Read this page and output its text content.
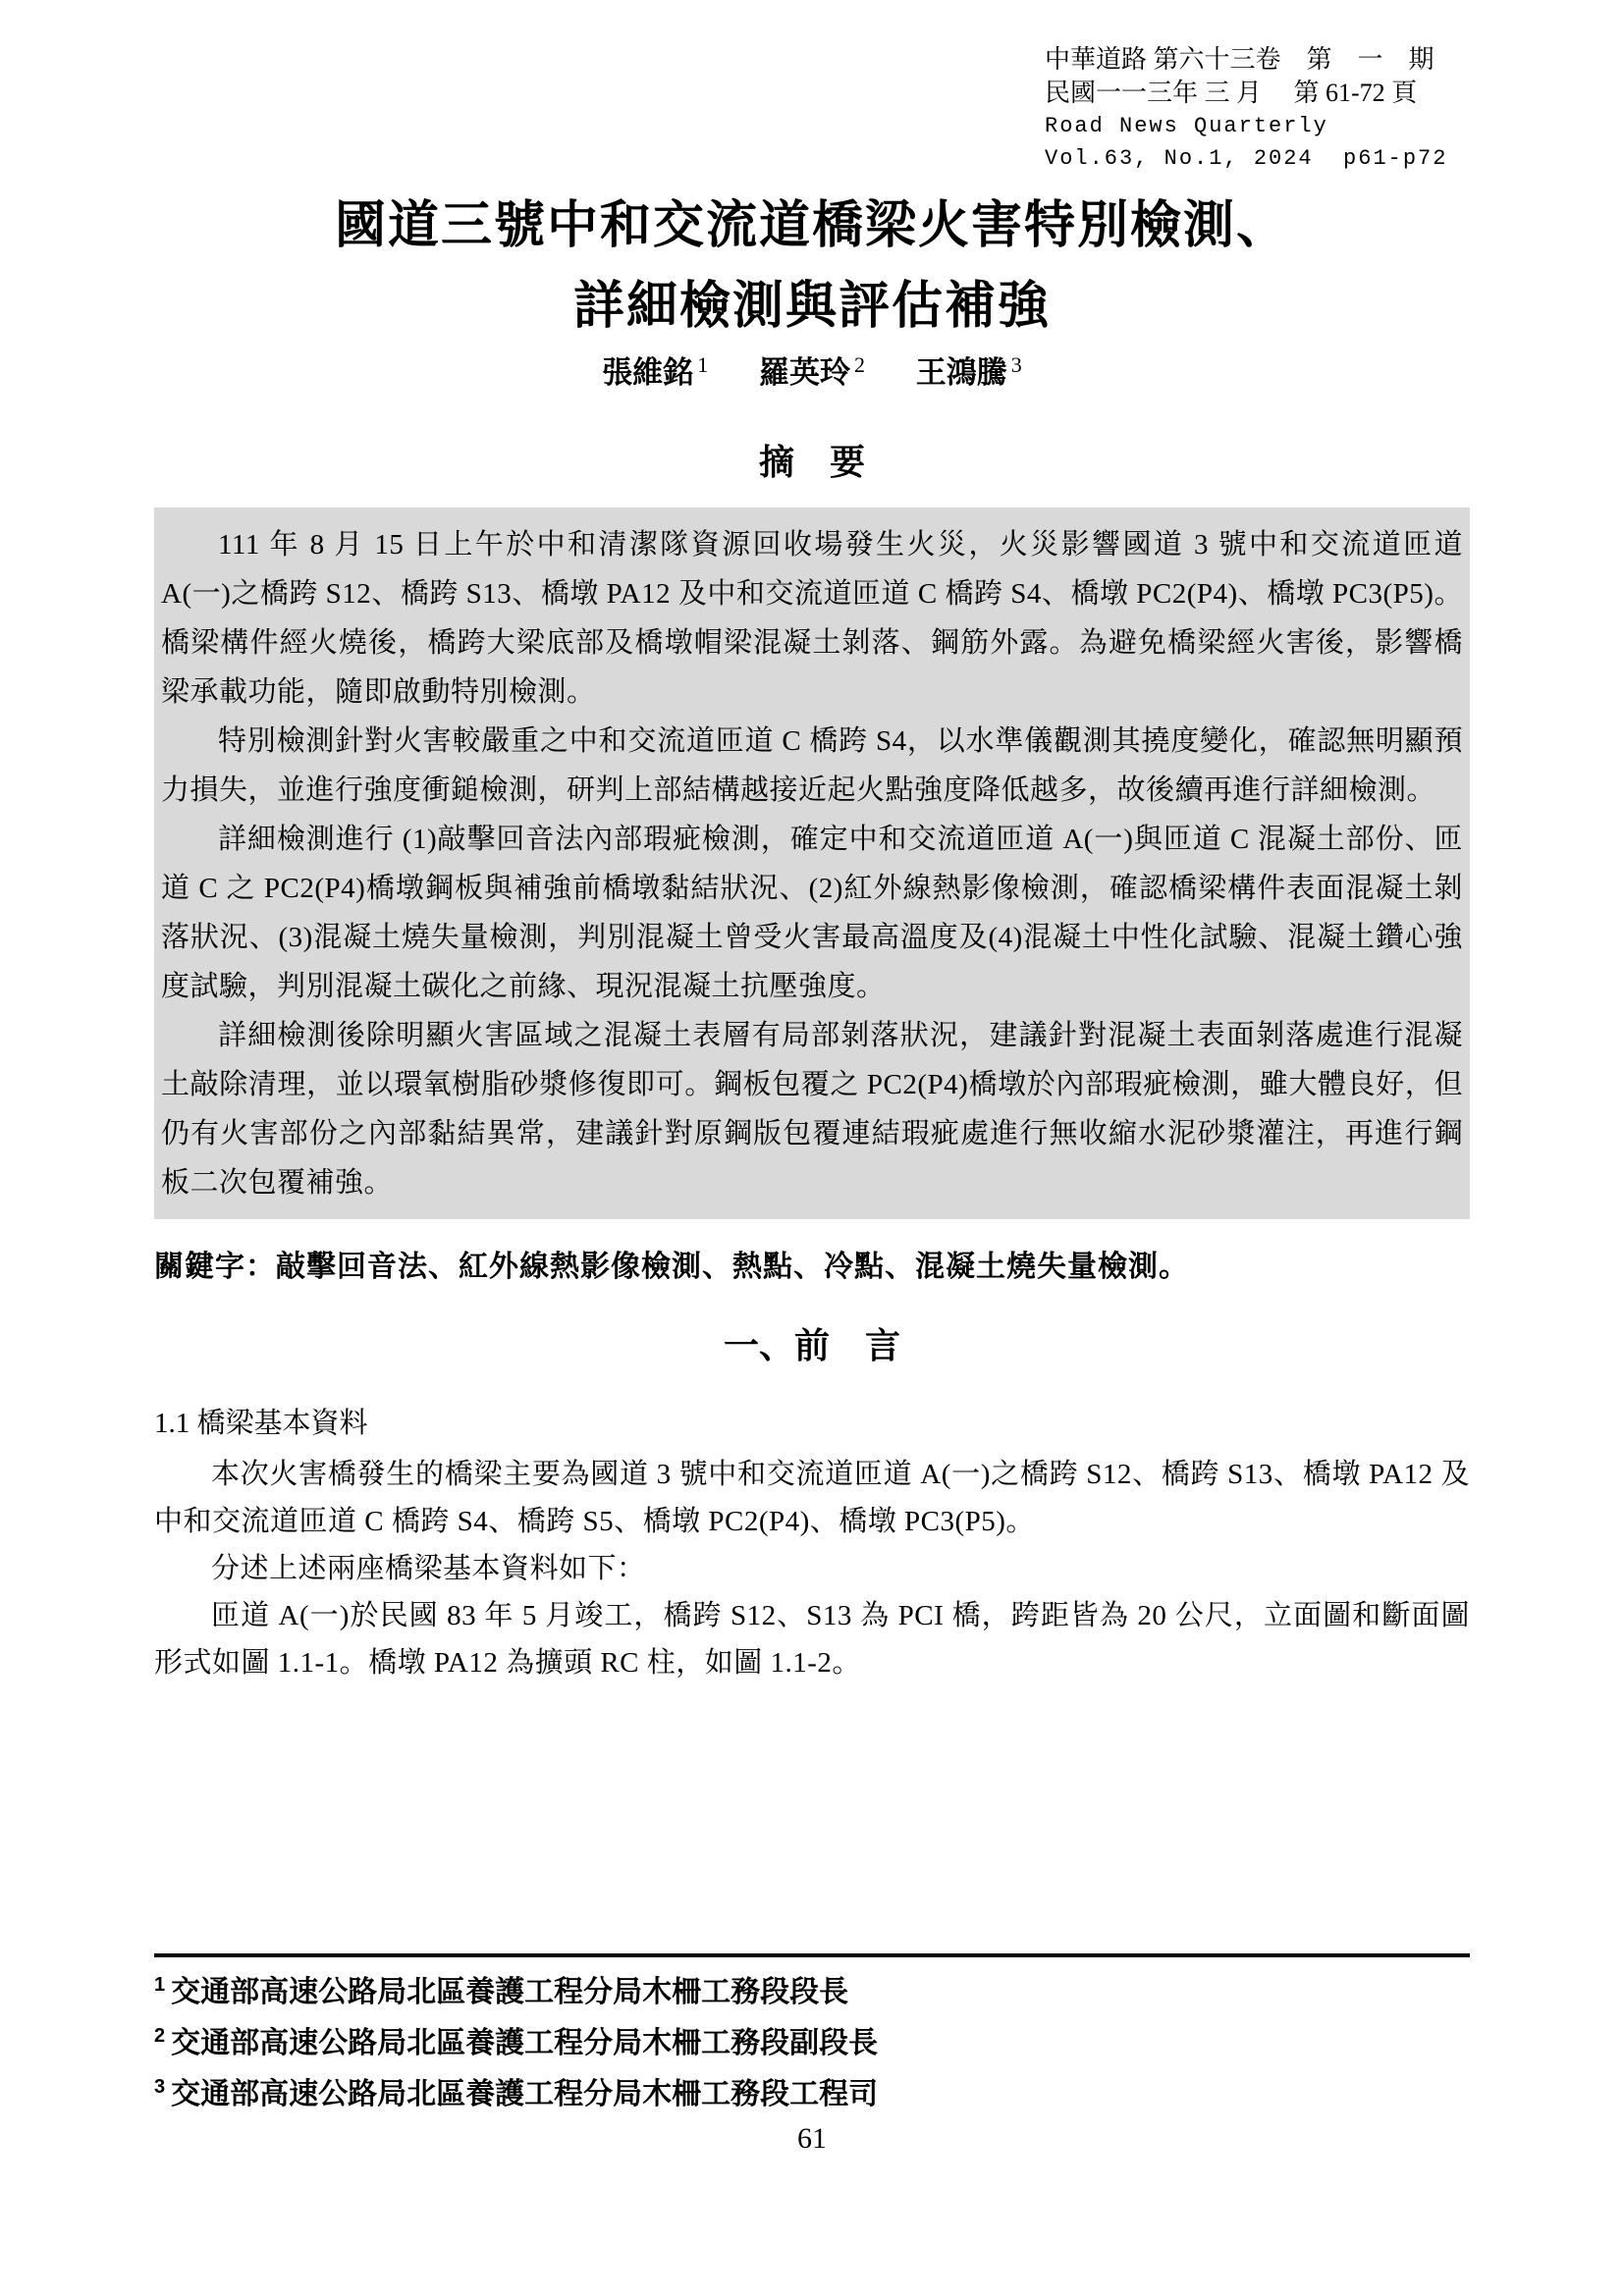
中華道路 第六十三卷　第　一　期
民國一一三年 三 月　 第 61-72 頁
Road News Quarterly
Vol.63, No.1, 2024  p61-p72
國道三號中和交流道橋梁火害特別檢測、
詳細檢測與評估補強
張維銘 $^1$ 羅英玲 $^2$ 王鴻騰 $^3$
摘　要

111 年 8 月 15 日上午於中和清潔隊資源回收場發生火災，火災影響國道 3 號中和交流道匝道 A(一)之橋跨 S12、橋跨 S13、橋墩 PA12 及中和交流道匝道 C 橋跨 S4、橋墩 PC2(P4)、橋墩 PC3(P5)。橋梁構件經火燒後，橋跨大梁底部及橋墩帽梁混凝土剝落、鋼筋外露。為避免橋梁經火害後，影響橋梁承載功能，隨即啟動特別檢測。

特別檢測針對火害較嚴重之中和交流道匝道 C 橋跨 S4，以水準儀觀測其撓度變化，確認無明顯預力損失，並進行強度衝鎚檢測，研判上部結構越接近起火點強度降低越多，故後續再進行詳細檢測。

詳細檢測進行 (1)敲擊回音法內部瑕疵檢測，確定中和交流道匝道 A(一)與匝道 C 混凝土部份、匝道 C 之 PC2(P4)橋墩鋼板與補強前橋墩黏結狀況、(2)紅外線熱影像檢測，確認橋梁構件表面混凝土剝落狀況、(3)混凝土燒失量檢測，判別混凝土曾受火害最高溫度及(4)混凝土中性化試驗、混凝土鑽心強度試驗，判別混凝土碳化之前緣、現況混凝土抗壓強度。

詳細檢測後除明顯火害區域之混凝土表層有局部剝落狀況，建議針對混凝土表面剝落處進行混凝土敲除清理，並以環氧樹脂砂漿修復即可。鋼板包覆之 PC2(P4)橋墩於內部瑕疵檢測，雖大體良好，但仍有火害部份之內部黏結異常，建議針對原鋼版包覆連結瑕疵處進行無收縮水泥砂漿灌注，再進行鋼板二次包覆補強。

關鍵字：敲擊回音法、紅外線熱影像檢測、熱點、冷點、混凝土燒失量檢測。
一、前　言
1.1 橋梁基本資料

本次火害橋發生的橋梁主要為國道 3 號中和交流道匝道 A(一)之橋跨 S12、橋跨 S13、橋墩 PA12 及中和交流道匝道 C 橋跨 S4、橋跨 S5、橋墩 PC2(P4)、橋墩 PC3(P5)。

分述上述兩座橋梁基本資料如下：

匝道 A(一)於民國 83 年 5 月竣工，橋跨 S12、S13 為 PCI 橋，跨距皆為 20 公尺，立面圖和斷面圖形式如圖 1.1-1。橋墩 PA12 為擴頭 RC 柱，如圖 1.1-2。

$^1$ 交通部高速公路局北區養護工程分局木柵工務段段長
$^2$ 交通部高速公路局北區養護工程分局木柵工務段副段長
$^3$ 交通部高速公路局北區養護工程分局木柵工務段工程司
61
